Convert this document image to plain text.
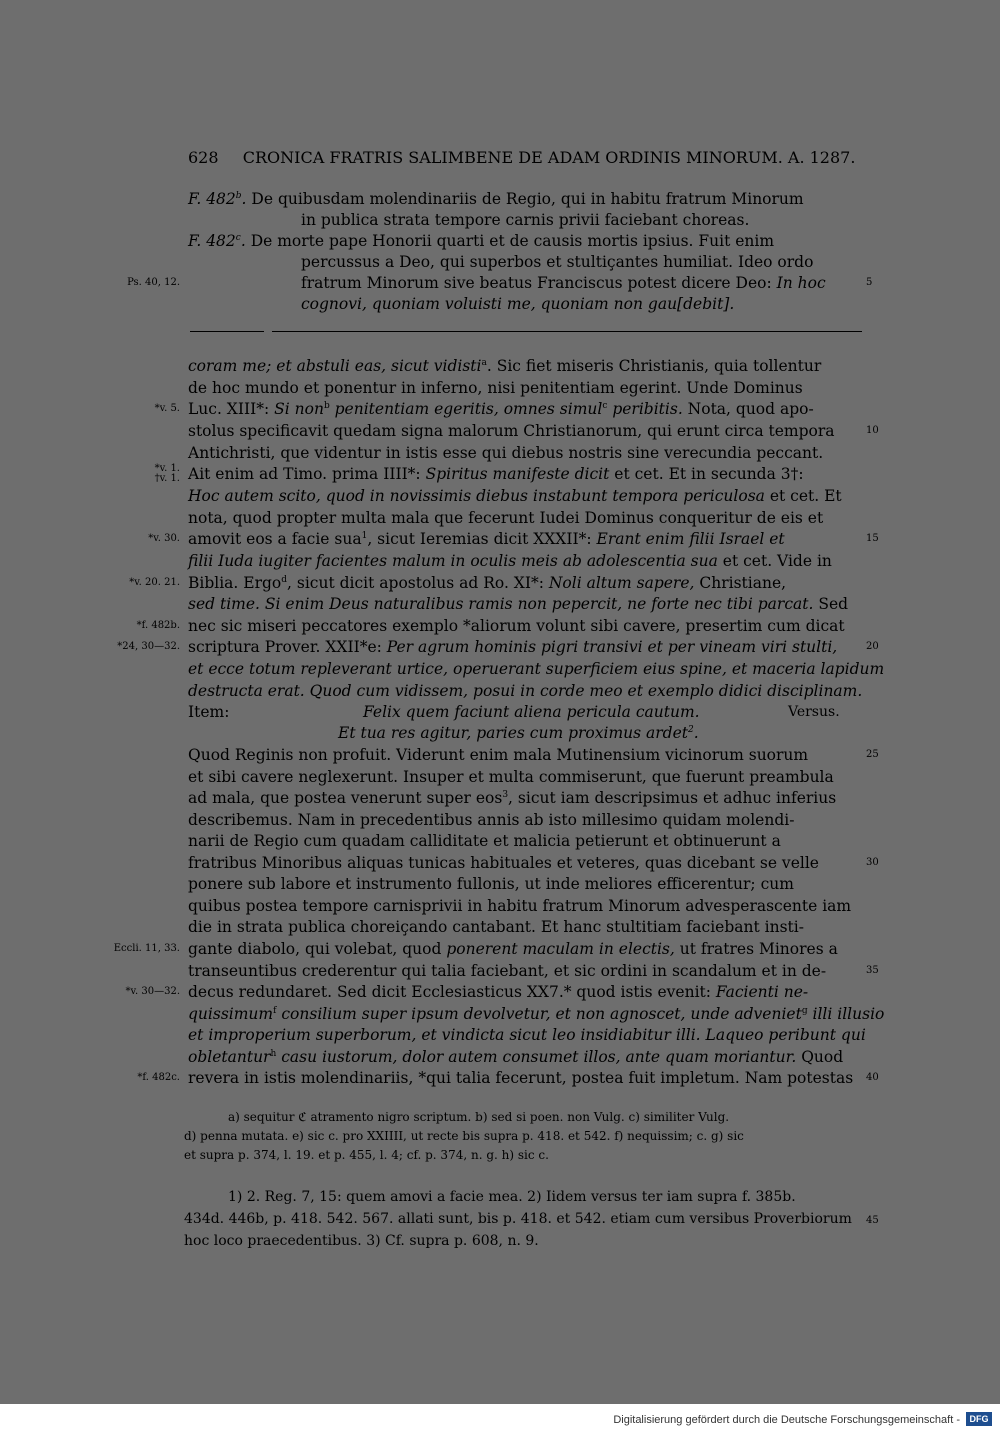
628 CRONICA FRATRIS SALIMBENE DE ADAM ORDINIS MINORUM. A. 1287.
F. 482$^b$. De quibusdam molendinariis de Regio, qui in habitu fratrum Minorum
in publica strata tempore carnis privii faciebant choreas.
F. 482$^c$. De morte pape Honorii quarti et de causis mortis ipsius. Fuit enim
percussus a Deo, qui superbos et stultiçantes humiliat. Ideo ordo
fratrum Minorum sive beatus Franciscus potest dicere Deo: In hoc
Ps. 40, 12.	5
cognovi, quoniam voluisti me, quoniam non gau[debit].
coram me; et abstuli eas, sicut vidisti$^a$. Sic fiet miseris Christianis, quia tollentur
de hoc mundo et ponentur in inferno, nisi penitentiam egerint. Unde Dominus
Luc. XIII*: Si non$^b$ penitentiam egeritis, omnes simul$^c$ peribitis. Nota, quod apo-
*v. 5.
stolus specificavit quedam signa malorum Christianorum, qui erunt circa tempora	10
Antichristi, que videntur in istis esse qui diebus nostris sine verecundia peccant.
Ait enim ad Timo. prima IIII*: Spiritus manifeste dicit et cet. Et in secunda 3†:
*v. 1.
†v. 1.
Hoc autem scito, quod in novissimis diebus instabunt tempora periculosa et cet. Et
nota, quod propter multa mala que fecerunt Iudei Dominus conqueritur de eis et
amovit eos a facie sua$^1$, sicut Ieremias dicit XXXII*: Erant enim filii Israel et
*v. 30.	15
filii Iuda iugiter facientes malum in oculis meis ab adolescentia sua et cet. Vide in
Biblia. Ergo$^d$, sicut dicit apostolus ad Ro. XI*: Noli altum sapere, Christiane,
*v. 20. 21.
sed time. Si enim Deus naturalibus ramis non pepercit, ne forte nec tibi parcat. Sed
nec sic miseri peccatores exemplo *aliorum volunt sibi cavere, presertim cum dicat
*f. 482b.
scriptura Prover. XXII*e: Per agrum hominis pigri transivi et per vineam viri stulti,
*24, 30—32.	20
et ecce totum repleverant urtice, operuerant superficiem eius spine, et maceria lapidum
destructa erat. Quod cum vidissem, posui in corde meo et exemplo didici disciplinam.
Item:	Felix quem faciunt aliena pericula cautum.	Versus.
Et tua res agitur, paries cum proximus ardet$^2$.
Quod Reginis non profuit. Viderunt enim mala Mutinensium vicinorum suorum	25
et sibi cavere neglexerunt. Insuper et multa commiserunt, que fuerunt preambula
ad mala, que postea venerunt super eos$^3$, sicut iam descripsimus et adhuc inferius
describemus. Nam in precedentibus annis ab isto millesimo quidam molendi-
narii de Regio cum quadam calliditate et malicia petierunt et obtinuerunt a
fratribus Minoribus aliquas tunicas habituales et veteres, quas dicebant se velle	30
ponere sub labore et instrumento fullonis, ut inde meliores efficerentur; cum
quibus postea tempore carnisprivii in habitu fratrum Minorum advesperascente iam
die in strata publica choreiçando cantabant. Et hanc stultitiam faciebant insti-
gante diabolo, qui volebat, quod ponerent maculam in electis, ut fratres Minores a
Eccli. 11, 33.
transeuntibus crederentur qui talia faciebant, et sic ordini in scandalum et in de-	35
decus redundaret. Sed dicit Ecclesiasticus XX7.* quod istis evenit: Facienti ne-
*v. 30—32.
quissimum$^f$ consilium super ipsum devolvetur, et non agnoscet, unde adveniet$^g$ illi illusio
et improperium superborum, et vindicta sicut leo insidiabitur illi. Laqueo peribunt qui
obletantur$^h$ casu iustorum, dolor autem consumet illos, ante quam moriantur. Quod
revera in istis molendinariis, *qui talia fecerunt, postea fuit impletum. Nam potestas
*f. 482c.	40
a) sequitur ℭ atramento nigro scriptum. b) sed si poen. non Vulg. c) similiter Vulg.
d) penna mutata. e) sic c. pro XXIIII, ut recte bis supra p. 418. et 542. f) nequissim; c. g) sic
et supra p. 374, l. 19. et p. 455, l. 4; cf. p. 374, n. g. h) sic c.
1) 2. Reg. 7, 15: quem amovi a facie mea. 2) Iidem versus ter iam supra f. 385b.
434d. 446b, p. 418. 542. 567. allati sunt, bis p. 418. et 542. etiam cum versibus Proverbiorum
hoc loco praecedentibus. 3) Cf. supra p. 608, n. 9.
45
Digitalisierung gefördert durch die Deutsche Forschungsgemeinschaft -	DFG
